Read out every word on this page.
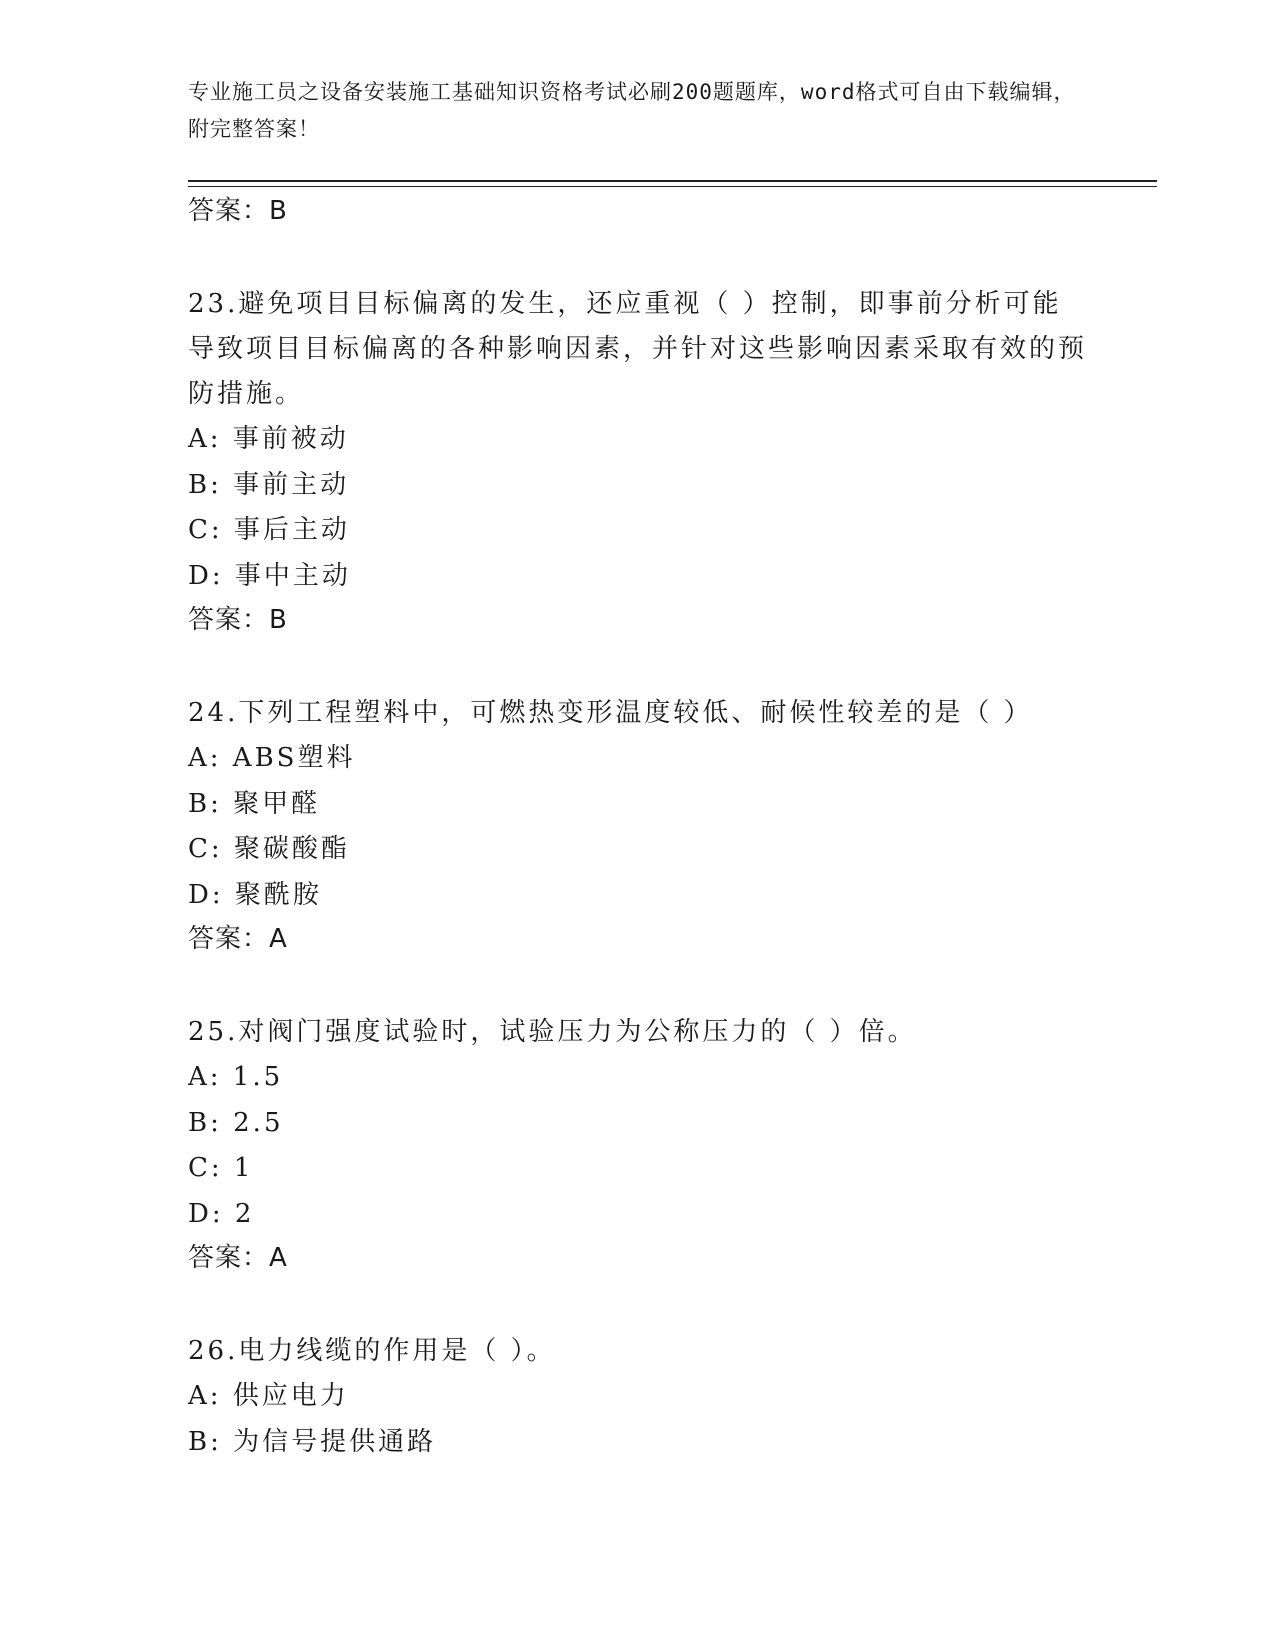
专业施工员之设备安装施工基础知识资格考试必刷200题题库，word格式可自由下载编辑，附完整答案！
答案：B
23.避免项目目标偏离的发生，还应重视（ ）控制，即事前分析可能导致项目目标偏离的各种影响因素，并针对这些影响因素采取有效的预防措施。
A: 事前被动
B: 事前主动
C: 事后主动
D: 事中主动
答案：B
24.下列工程塑料中，可燃热变形温度较低、耐候性较差的是（ ）
A: ABS塑料
B: 聚甲醛
C: 聚碳酸酯
D: 聚酰胺
答案：A
25.对阀门强度试验时，试验压力为公称压力的（ ）倍。
A: 1.5
B: 2.5
C: 1
D: 2
答案：A
26.电力线缆的作用是（ ）。
A: 供应电力
B: 为信号提供通路
